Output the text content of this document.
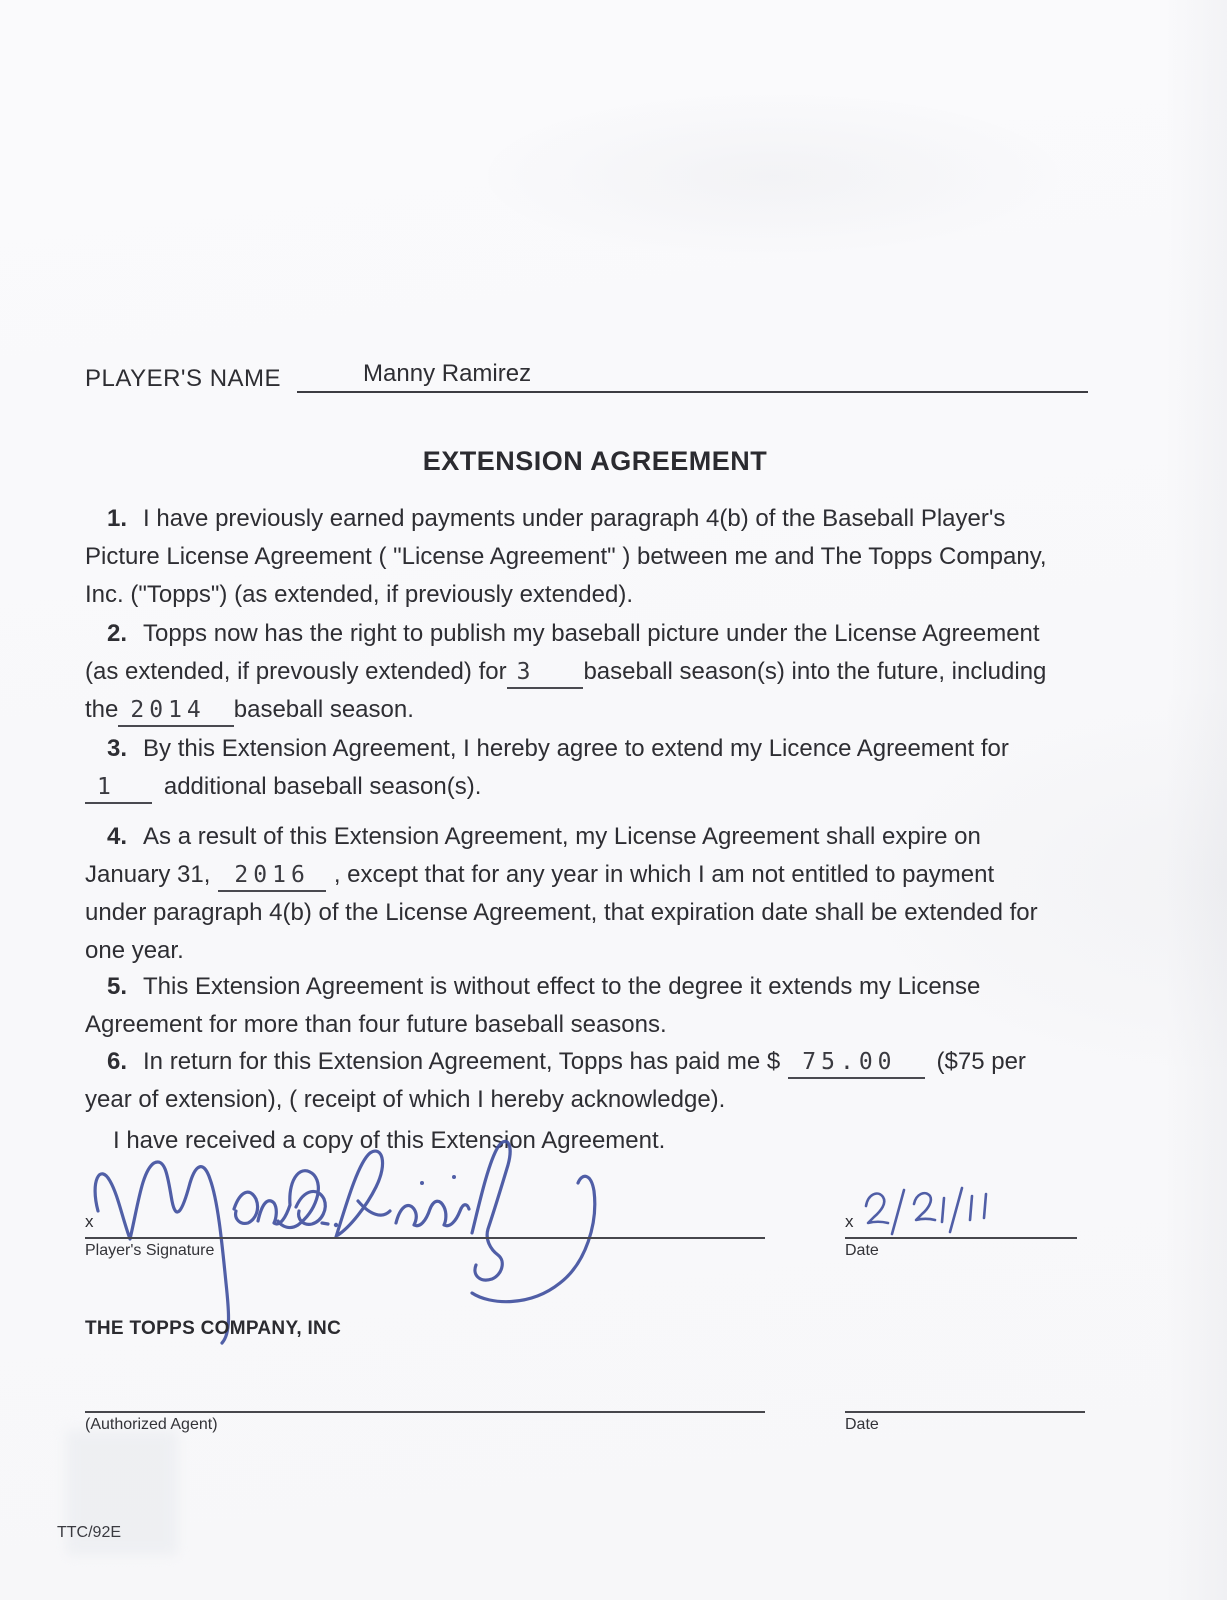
PLAYER'S NAME	Manny Ramirez
EXTENSION AGREEMENT
1. I have previously earned payments under paragraph 4(b) of the Baseball Player's
Picture License Agreement ( "License Agreement" ) between me and The Topps Company,
Inc. ("Topps") (as extended, if previously extended).
2. Topps now has the right to publish my baseball picture under the License Agreement
(as extended, if prevously extended) for 3 baseball season(s) into the future, including
the 2014 baseball season.
3. By this Extension Agreement, I hereby agree to extend my Licence Agreement for
1 additional baseball season(s).
4. As a result of this Extension Agreement, my License Agreement shall expire on
January 31, 2016 , except that for any year in which I am not entitled to payment
under paragraph 4(b) of the License Agreement, that expiration date shall be extended for
one year.
5. This Extension Agreement is without effect to the degree it extends my License
Agreement for more than four future baseball seasons.
6. In return for this Extension Agreement, Topps has paid me $ 75.00 ($75 per
year of extension), ( receipt of which I hereby acknowledge).
I have received a copy of this Extension Agreement.
x
Player's Signature
x
Date
THE TOPPS COMPANY, INC
(Authorized Agent)	Date
TTC/92E
